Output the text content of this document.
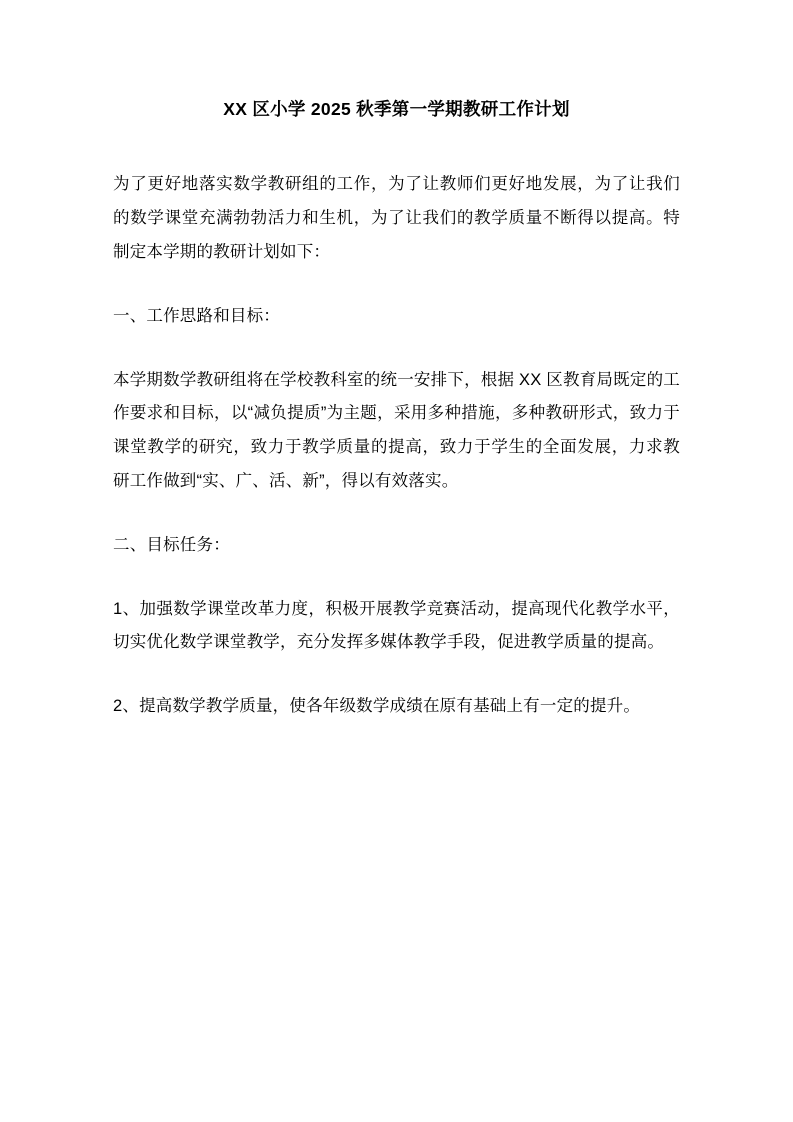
XX 区小学 2025 秋季第一学期教研工作计划

为了更好地落实数学教研组的工作，为了让教师们更好地发展，为了让我们的数学课堂充满勃勃活力和生机，为了让我们的教学质量不断得以提高。特制定本学期的教研计划如下：

一、工作思路和目标：

本学期数学教研组将在学校教科室的统一安排下，根据 XX 区教育局既定的工作要求和目标，以“减负提质”为主题，采用多种措施，多种教研形式，致力于课堂教学的研究，致力于教学质量的提高，致力于学生的全面发展，力求教研工作做到“实、广、活、新”，得以有效落实。

二、目标任务：

1、加强数学课堂改革力度，积极开展教学竞赛活动，提高现代化教学水平，切实优化数学课堂教学，充分发挥多媒体教学手段，促进教学质量的提高。

2、提高数学教学质量，使各年级数学成绩在原有基础上有一定的提升。
